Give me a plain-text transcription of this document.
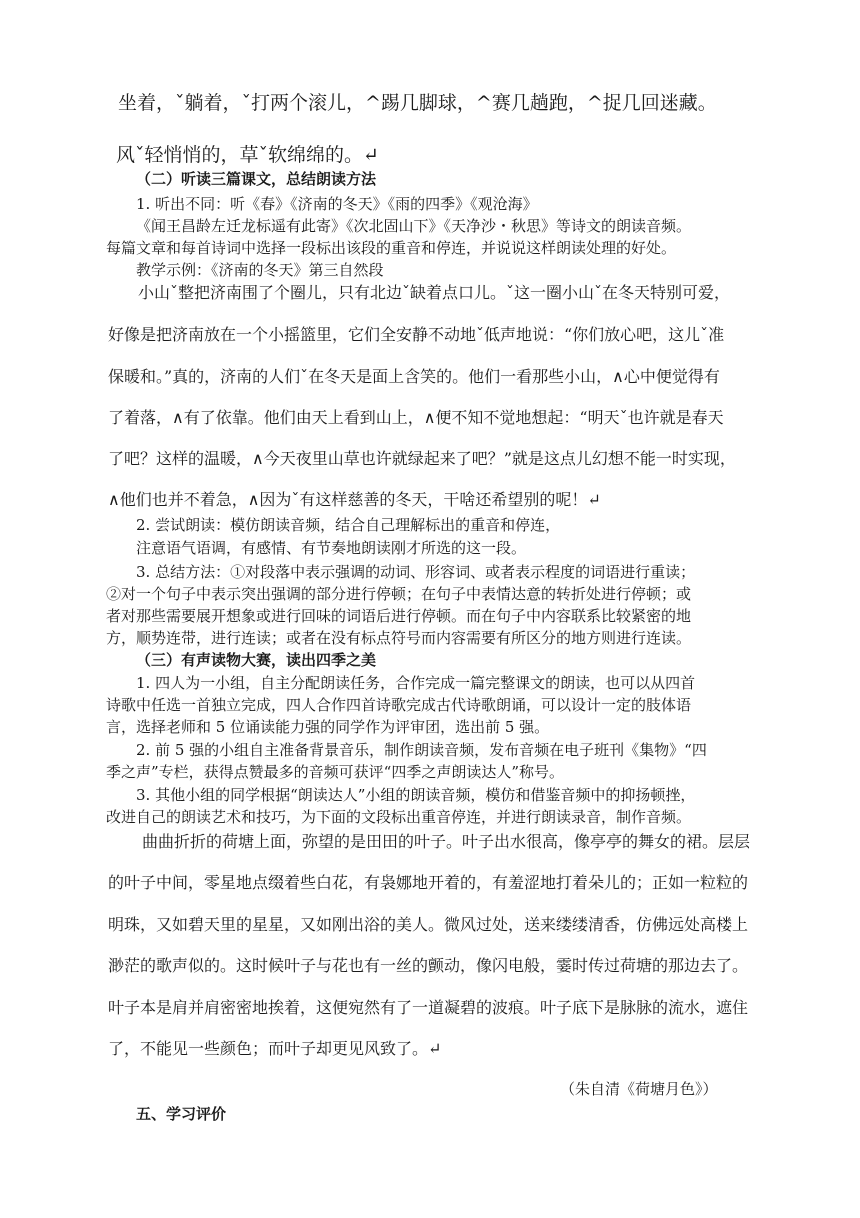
坐着，ˇ躺着，ˇ打两个滚儿，^踢几脚球，^赛几趟跑，^捉几回迷藏。
风ˇ轻悄悄的，草ˇ软绵绵的。↵
（二）听读三篇课文，总结朗读方法
1. 听出不同：听《春》《济南的冬天》《雨的四季》《观沧海》
《闻王昌龄左迁龙标遥有此寄》《次北固山下》《天净沙・秋思》等诗文的朗读音频。
每篇文章和每首诗词中选择一段标出该段的重音和停连，并说说这样朗读处理的好处。
教学示例：《济南的冬天》第三自然段
小山ˇ整把济南围了个圈儿，只有北边ˇ缺着点口儿。ˇ这一圈小山ˇ在冬天特别可爱，
好像是把济南放在一个小摇篮里，它们全安静不动地ˇ低声地说：“你们放心吧，这儿ˇ准
保暖和。”真的，济南的人们ˇ在冬天是面上含笑的。他们一看那些小山，∧心中便觉得有
了着落，∧有了依靠。他们由天上看到山上，∧便不知不觉地想起：“明天ˇ也许就是春天
了吧？这样的温暖，∧今天夜里山草也许就绿起来了吧？”就是这点儿幻想不能一时实现，
∧他们也并不着急，∧因为ˇ有这样慈善的冬天，干啥还希望别的呢！↵
2. 尝试朗读：模仿朗读音频，结合自己理解标出的重音和停连，
注意语气语调，有感情、有节奏地朗读刚才所选的这一段。
3. 总结方法：①对段落中表示强调的动词、形容词、或者表示程度的词语进行重读；
②对一个句子中表示突出强调的部分进行停顿；在句子中表情达意的转折处进行停顿；或
者对那些需要展开想象或进行回味的词语后进行停顿。而在句子中内容联系比较紧密的地
方，顺势连带，进行连读；或者在没有标点符号而内容需要有所区分的地方则进行连读。
（三）有声读物大赛，读出四季之美
1. 四人为一小组，自主分配朗读任务，合作完成一篇完整课文的朗读，也可以从四首
诗歌中任选一首独立完成，四人合作四首诗歌完成古代诗歌朗诵，可以设计一定的肢体语
言，选择老师和 5 位诵读能力强的同学作为评审团，选出前 5 强。
2. 前 5 强的小组自主准备背景音乐，制作朗读音频，发布音频在电子班刊《集物》“四
季之声”专栏，获得点赞最多的音频可获评“四季之声朗读达人”称号。
3. 其他小组的同学根据“朗读达人”小组的朗读音频，模仿和借鉴音频中的抑扬顿挫，
改进自己的朗读艺术和技巧，为下面的文段标出重音停连，并进行朗读录音，制作音频。
曲曲折折的荷塘上面，弥望的是田田的叶子。叶子出水很高，像亭亭的舞女的裙。层层
的叶子中间，零星地点缀着些白花，有袅娜地开着的，有羞涩地打着朵儿的；正如一粒粒的
明珠，又如碧天里的星星，又如刚出浴的美人。微风过处，送来缕缕清香，仿佛远处高楼上
渺茫的歌声似的。这时候叶子与花也有一丝的颤动，像闪电般，霎时传过荷塘的那边去了。
叶子本是肩并肩密密地挨着，这便宛然有了一道凝碧的波痕。叶子底下是脉脉的流水，遮住
了，不能见一些颜色；而叶子却更见风致了。↵
（朱自清《荷塘月色》）
五、学习评价
